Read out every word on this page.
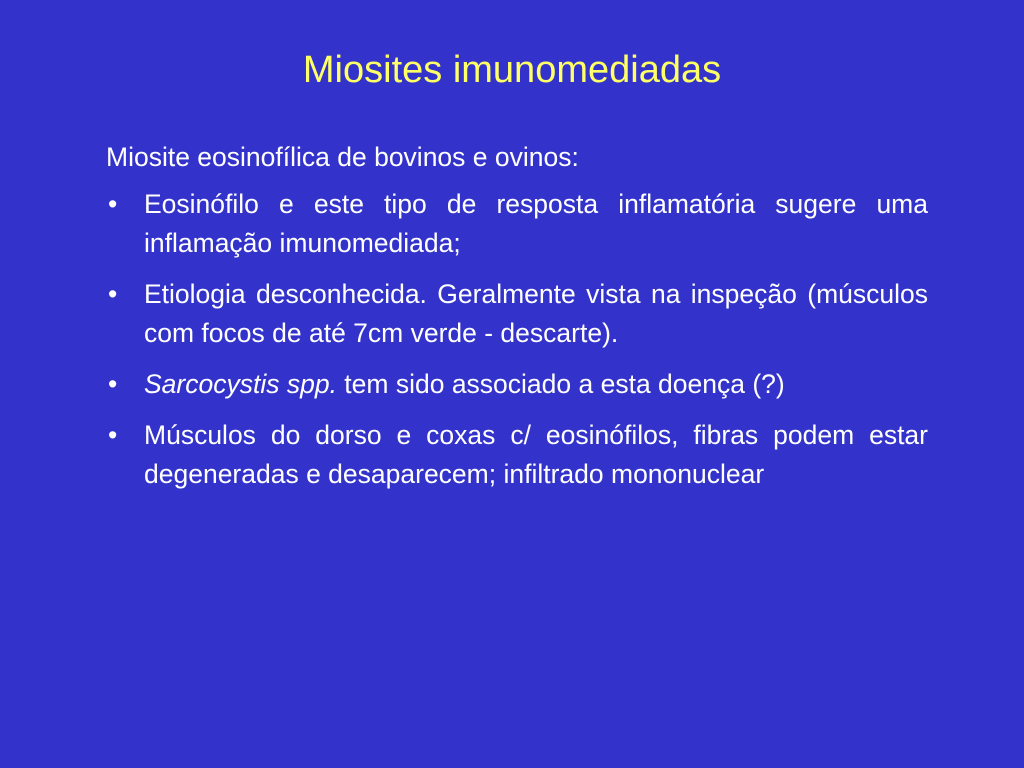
Miosites imunomediadas

Miosite eosinofílica de bovinos e ovinos:

• Eosinófilo e este tipo de resposta inflamatória sugere uma inflamação imunomediada;
• Etiologia desconhecida. Geralmente vista na inspeção (músculos com focos de até 7cm verde - descarte).
• Sarcocystis spp. tem sido associado a esta doença (?)
• Músculos do dorso e coxas c/ eosinófilos, fibras podem estar degeneradas e desaparecem; infiltrado mononuclear
